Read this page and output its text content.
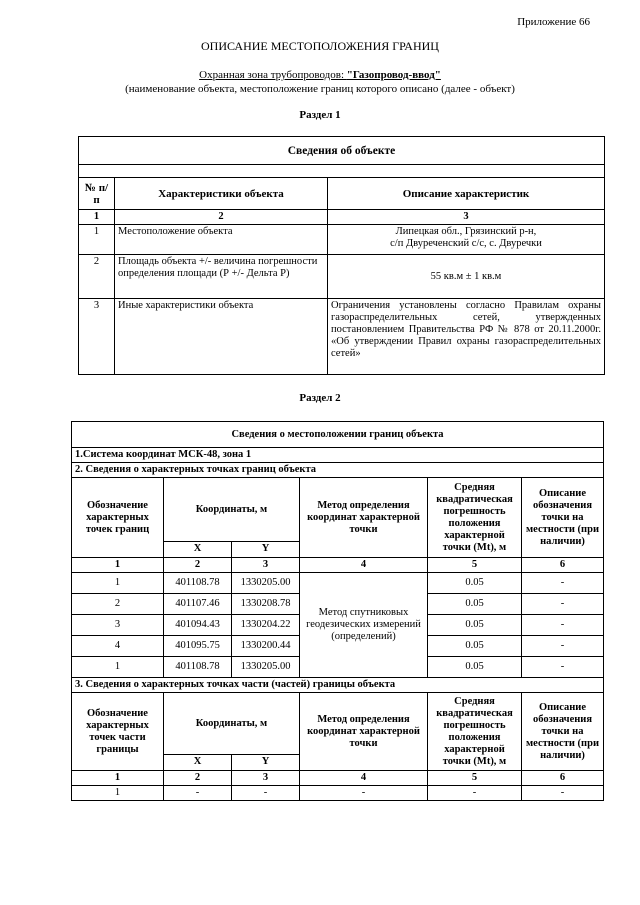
Приложение 66
ОПИСАНИЕ МЕСТОПОЛОЖЕНИЯ ГРАНИЦ
Охранная зона трубопроводов: "Газопровод-ввод"
(наименование объекта, местоположение границ которого описано (далее - объект)
Раздел 1
Сведения об объекте		

№ п/п	Характеристики объекта	Описание характеристик
1	2	3
1	Местоположение объекта	Липецкая обл., Грязинский р-н,
с/п Двуреченский с/с, с. Двуречки

2	Площадь объекта +/- величина погрешности определения площади (Р +/- Дельта Р)	55 кв.м ± 1 кв.м
3	Иные характеристики объекта	Ограничения установлены согласно Правилам охраны газораспределительных сетей, утвержденных постановлением Правительства РФ № 878 от 20.11.2000г. «Об утверждении Правил охраны газораспределительных сетей»
Раздел 2
Сведения о местоположении границ объекта					
1.Система координат МСК-48, зона 1					
2. Сведения о характерных точках границ объекта					
Обозначение характерных точек границ	Координаты, м		Метод определения координат характерной точки	Средняя квадратическая погрешность положения характерной точки (Mt), м	Описание обозначения точки на местности (при наличии)
	X	Y			
1	2	3	4	5	6
1	401108.78	1330205.00	Метод спутниковых геодезических измерений (определений)	0.05	-
2	401107.46	1330208.78		0.05	-
3	401094.43	1330204.22		0.05	-
4	401095.75	1330200.44		0.05	-
1	401108.78	1330205.00		0.05	-
3. Сведения о характерных точках части (частей) границы объекта					
Обозначение характерных точек части границы	Координаты, м		Метод определения координат характерной точки	Средняя квадратическая погрешность положения характерной точки (Mt), м	Описание обозначения точки на местности (при наличии)
	X	Y			
1	2	3	4	5	6
1	-	-	-	-	-
